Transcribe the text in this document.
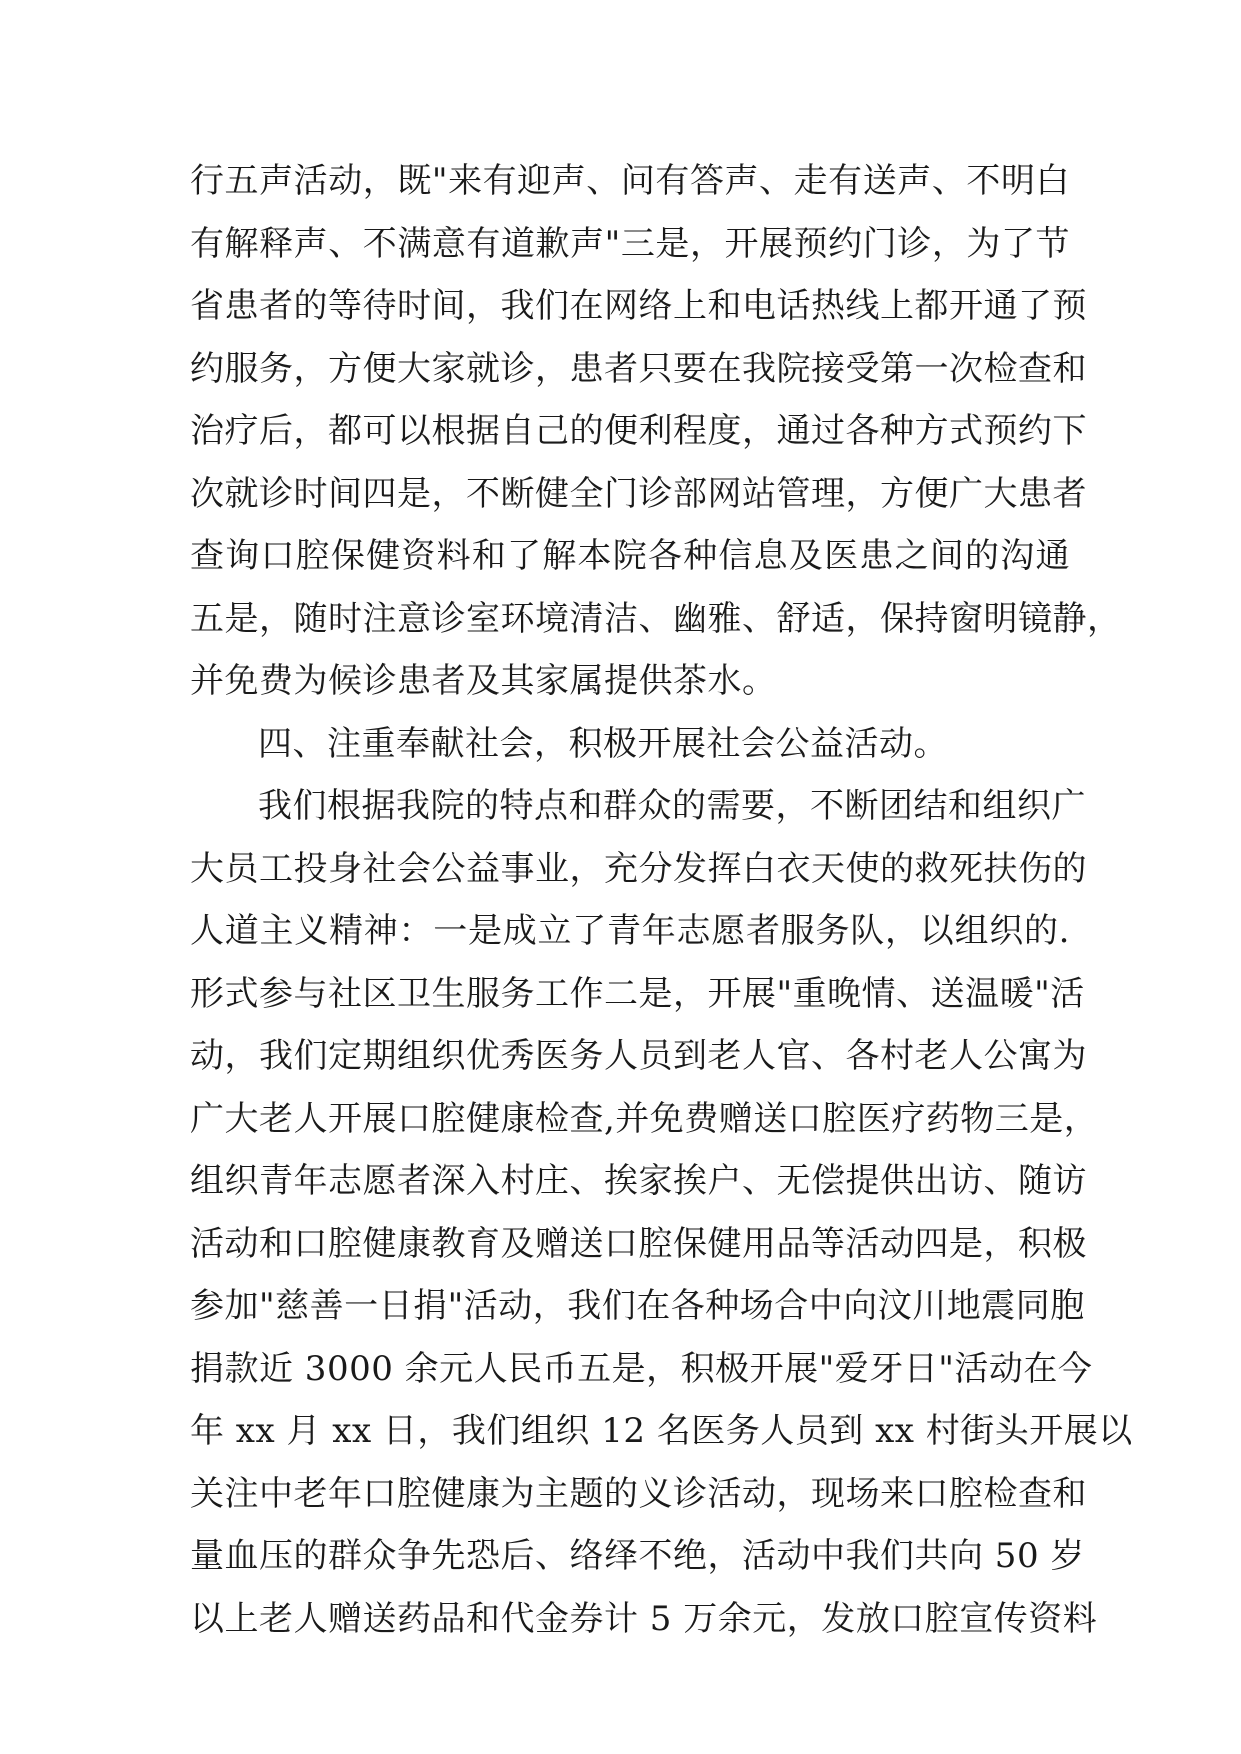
行五声活动，既"来有迎声、问有答声、走有送声、不明白
有解释声、不满意有道歉声"三是，开展预约门诊，为了节
省患者的等待时间，我们在网络上和电话热线上都开通了预
约服务，方便大家就诊，患者只要在我院接受第一次检查和
治疗后，都可以根据自己的便利程度，通过各种方式预约下
次就诊时间四是，不断健全门诊部网站管理，方便广大患者
查询口腔保健资料和了解本院各种信息及医患之间的沟通
五是，随时注意诊室环境清洁、幽雅、舒适，保持窗明镜静，
并免费为候诊患者及其家属提供茶水。
四、注重奉献社会，积极开展社会公益活动。
我们根据我院的特点和群众的需要，不断团结和组织广
大员工投身社会公益事业，充分发挥白衣天使的救死扶伤的
人道主义精神：一是成立了青年志愿者服务队，以组织的.
形式参与社区卫生服务工作二是，开展"重晚情、送温暖"活
动，我们定期组织优秀医务人员到老人官、各村老人公寓为
广大老人开展口腔健康检查,并免费赠送口腔医疗药物三是，
组织青年志愿者深入村庄、挨家挨户、无偿提供出访、随访
活动和口腔健康教育及赠送口腔保健用品等活动四是，积极
参加"慈善一日捐"活动，我们在各种场合中向汶川地震同胞
捐款近 3000 余元人民币五是，积极开展"爱牙日"活动在今
年 xx 月 xx 日，我们组织 12 名医务人员到 xx 村街头开展以
关注中老年口腔健康为主题的义诊活动，现场来口腔检查和
量血压的群众争先恐后、络绎不绝，活动中我们共向 50 岁
以上老人赠送药品和代金券计 5 万余元，发放口腔宣传资料
